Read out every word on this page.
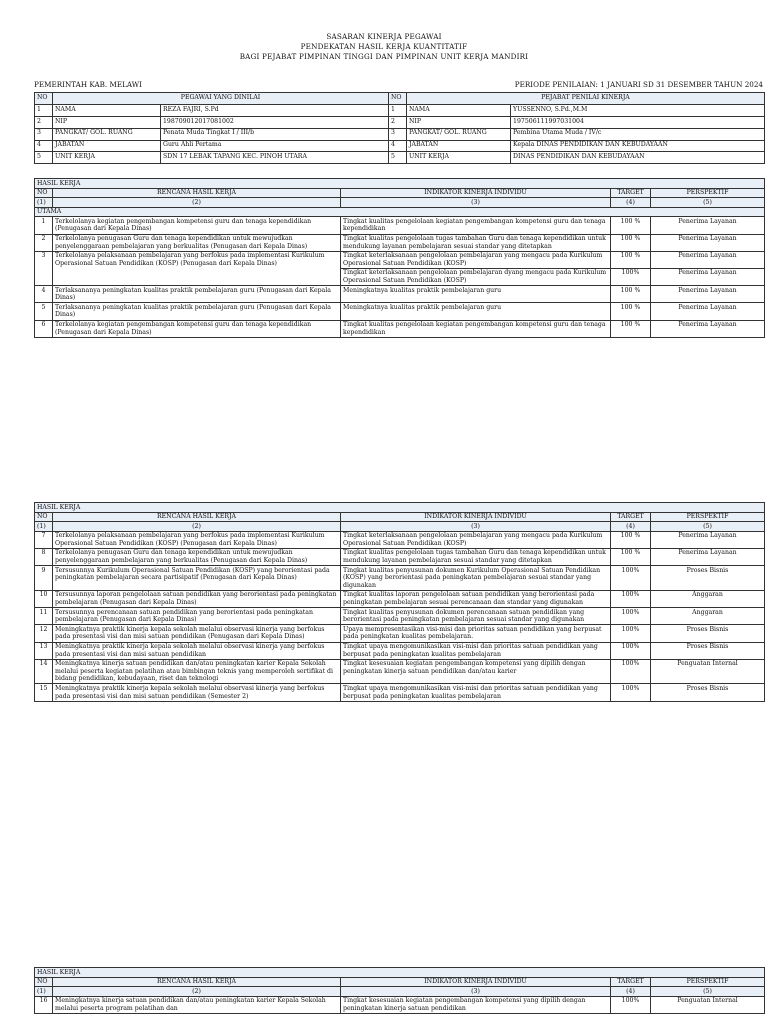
SASARAN KINERJA PEGAWAI
PENDEKATAN HASIL KERJA KUANTITATIF
BAGI PEJABAT PIMPINAN TINGGI DAN PIMPINAN UNIT KERJA MANDIRI
PEMERINTAH KAB. MELAWI	PERIODE PENILAIAN: 1 JANUARI SD 31 DESEMBER TAHUN 2024
NO	PEGAWAI YANG DINILAI		NO	PEJABAT PENILAI KINERJA	
1	NAMA	REZA FAJRI, S.Pd	1	NAMA	YUSSENNO, S.Pd.,M.M
2	NIP	198709012017081002	2	NIP	197506111997031004
3	PANGKAT/ GOL. RUANG	Penata Muda Tingkat I / III/b	3	PANGKAT/ GOL. RUANG	Pembina Utama Muda / IV/c
4	JABATAN	Guru Ahli Pertama	4	JABATAN	Kepala DINAS PENDIDIKAN DAN KEBUDAYAAN
5	UNIT KERJA	SDN 17 LEBAK TAPANG KEC. PINOH UTARA	5	UNIT KERJA	DINAS PENDIDIKAN DAN KEBUDAYAAN
HASIL KERJA				
NO	RENCANA HASIL KERJA	INDIKATOR KINERJA INDIVIDU	TARGET	PERSPEKTIF
(1)	(2)	(3)	(4)	(5)
UTAMA				
1	Terkelolanya kegiatan pengembangan kompetensi guru dan tenaga kependidikan (Penugasan dari Kepala Dinas)	Tingkat kualitas pengelolaan kegiatan pengembangan kompetensi guru dan tenaga kependidikan	100 %	Penerima Layanan
2	Terkelolanya penugasan Guru dan tenaga kependidikan untuk mewujudkan penyelenggaraan pembelajaran yang berkualitas (Penugasan dari Kepala Dinas)	Tingkat kualitas pengelolaan tugas tambahan Guru dan tenaga kependidikan untuk mendukung layanan pembelajaran sesuai standar yang ditetapkan	100 %	Penerima Layanan
3	Terkelolanya pelaksanaan pembelajaran yang berfokus pada implementasi Kurikulum Operasional Satuan Pendidikan (KOSP) (Penugasan dari Kepala Dinas)	Tingkat keterlaksanaan pengelolaan pembelajaran yang mengacu pada Kurikulum Operasional Satuan Pendidikan (KOSP)	100 %	Penerima Layanan
		Tingkat keterlaksanaan pengelolaan pembelajaran dyang mengacu pada Kurikulum Operasional Satuan Pendidikan (KOSP)	100%	Penerima Layanan
4	Terlaksananya peningkatan kualitas praktik pembelajaran guru (Penugasan dari Kepala Dinas)	Meningkatnya kualitas praktik pembelajaran guru	100 %	Penerima Layanan
5	Terlaksananya peningkatan kualitas praktik pembelajaran guru (Penugasan dari Kepala Dinas)	Meningkatnya kualitas praktik pembelajaran guru	100 %	Penerima Layanan
6	Terkelolanya kegiatan pengembangan kompetensi guru dan tenaga kependidikan (Penugasan dari Kepala Dinas)	Tingkat kualitas pengelolaan kegiatan pengembangan kompetensi guru dan tenaga kependidikan	100 %	Penerima Layanan
HASIL KERJA				
NO	RENCANA HASIL KERJA	INDIKATOR KINERJA INDIVIDU	TARGET	PERSPEKTIF
(1)	(2)	(3)	(4)	(5)
7	Terkelolanya pelaksanaan pembelajaran yang berfokus pada implementasi Kurikulum Operasional Satuan Pendidikan (KOSP) (Penugasan dari Kepala Dinas)	Tingkat keterlaksanaan pengelolaan pembelajaran yang mengacu pada Kurikulum Operasional Satuan Pendidikan (KOSP)	100 %	Penerima Layanan
8	Terkelolanya penugasan Guru dan tenaga kependidikan untuk mewujudkan penyelenggaraan pembelajaran yang berkualitas (Penugasan dari Kepala Dinas)	Tingkat kualitas pengelolaan tugas tambahan Guru dan tenaga kependidikan untuk mendukung layanan pembelajaran sesuai standar yang ditetapkan	100 %	Penerima Layanan
9	Tersusunnya Kurikulum Operasional Satuan Pendidikan (KOSP) yang berorientasi pada peningkatan pembelajaran secara partisipatif (Penugasan dari Kepala Dinas)	Tingkat kualitas penyusunan dokumen Kurikulum Operasional Satuan Pendidikan (KOSP) yang berorientasi pada peningkatan pembelajaran sesuai standar yang digunakan	100%	Proses Bisnis
10	Tersusunnya laporan pengelolaan satuan pendidikan yang berorientasi pada peningkatan pembelajaran (Penugasan dari Kepala Dinas)	Tingkat kualitas laporan pengelolaan satuan pendidikan yang berorientasi pada peningkatan pembelajaran sesuai perencanaan dan standar yang digunakan	100%	Anggaran
11	Tersusunnya perencanaan satuan pendidikan yang berorientasi pada peningkatan pembelajaran (Penugasan dari Kepala Dinas)	Tingkat kualitas penyusunan dokumen perencanaan satuan pendidikan yang berorientasi pada peningkatan pembelajaran sesuai standar yang digunakan	100%	Anggaran
12	Meningkatnya praktik kinerja kepala sekolah melalui observasi kinerja yang berfokus pada presentasi visi dan misi satuan pendidikan (Penugasan dari Kepala Dinas)	Upaya mempresentasikan visi-misi dan prioritas satuan pendidikan yang berpusat pada peningkatan kualitas pembelajaran.	100%	Proses Bisnis
13	Meningkatnya praktik kinerja kepala sekolah melalui observasi kinerja yang berfokus pada presentasi visi dan misi satuan pendidikan	Tingkat upaya mengomunikasikan visi-misi dan prioritas satuan pendidikan yang berpusat pada peningkatan kualitas pembelajaran	100%	Proses Bisnis
14	Meningkatnya kinerja satuan pendidikan dan/atau peningkatan karier Kepala Sekolah melalui peserta kegiatan pelatihan atau bimbingan teknis yang memperoleh sertifikat di bidang pendidikan, kebudayaan, riset dan teknologi	Tingkat kesesuaian kegiatan pengembangan kompetensi yang dipilih dengan peningkatan kinerja satuan pendidikan dan/atau karier	100%	Penguatan Internal
15	Meningkatnya praktik kinerja kepala sekolah melalui observasi kinerja yang berfokus pada presentasi visi dan misi satuan pendidikan (Semester 2)	Tingkat upaya mengomunikasikan visi-misi dan prioritas satuan pendidikan yang berpusat pada peningkatan kualitas pembelajaran	100%	Proses Bisnis
HASIL KERJA				
NO	RENCANA HASIL KERJA	INDIKATOR KINERJA INDIVIDU	TARGET	PERSPEKTIF
(1)	(2)	(3)	(4)	(5)
16	Meningkatnya kinerja satuan pendidikan dan/atau peningkatan karier Kepala Sekolah melalui peserta program pelatihan dan	Tingkat kesesuaian kegiatan pengembangan kompetensi yang dipilih dengan peningkatan kinerja satuan pendidikan	100%	Penguatan Internal
